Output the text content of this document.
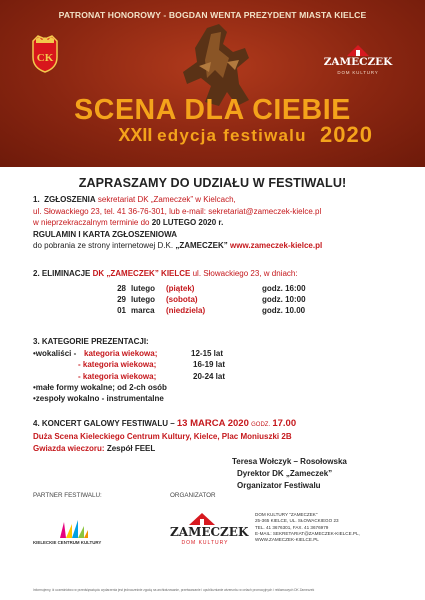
PATRONAT HONOROWY - BOGDAN WENTA PREZYDENT MIASTA KIELCE
CK	ZAMECZEK
DOM KULTURY
SCENA DLA CIEBIE
XXII edycja festiwalu 2020
ZAPRASZAMY DO UDZIAŁU W FESTIWALU!
1. ZGŁOSZENIA sekretariat DK „Zameczek” w Kielcach,
ul. Słowackiego 23, tel. 41 36-76-301, lub e-mail: sekretariat@zameczek-kielce.pl
w nieprzekraczalnym terminie do 20 LUTEGO 2020 r.
RGULAMIN I KARTA ZGŁOSZENIOWA
do pobrania ze strony internetowej D.K. „ZAMECZEK” www.zameczek-kielce.pl
2. ELIMINACJE DK „ZAMECZEK” KIELCE ul. Słowackiego 23, w dniach:
28 lutego (piątek)	godz. 16:00
29 lutego (sobota)	godz. 10:00
01 marca (niedziela)	godz. 10.00
3. KATEGORIE PREZENTACJI:
•wokaliści - kategoria wiekowa;	12-15 lat
- kategoria wiekowa;	16-19 lat
- kategoria wiekowa;	20-24 lat
•małe formy wokalne; od 2-ch osób
•zespoły wokalno - instrumentalne
4. KONCERT GALOWY FESTIWALU – 13 MARCA 2020 GODZ. 17.00
Duża Scena Kieleckiego Centrum Kultury, Kielce, Plac Moniuszki 2B
Gwiazda wieczoru: Zespół FEEL
Teresa Wołczyk – Rosołowska
Dyrektor DK „Zameczek”
Organizator Festiwalu
PARTNER FESTIWALU:	ORGANIZATOR
KIELECKIE CENTRUM KULTURY
ZAMECZEK
DOM KULTURY
DOM KULTURY "ZAMECZEK"
25-365 KIELCE, UL. SŁOWACKIEGO 23
TEL. 41 3676301, FAX. 41 3676979
E-MAIL: SEKRETARIAT@ZAMECZEK-KIELCE.PL,
WWW.ZAMECZEK-KIELCE.PL
Informujemy, iż uczestnictwo w przedsięwzięciu wydarzenia jest jednocześnie zgodą na archiwizowanie, przetwarzanie i upublicznianie wizerunku w celach promocyjnych i reklamowych DK Zameczek
